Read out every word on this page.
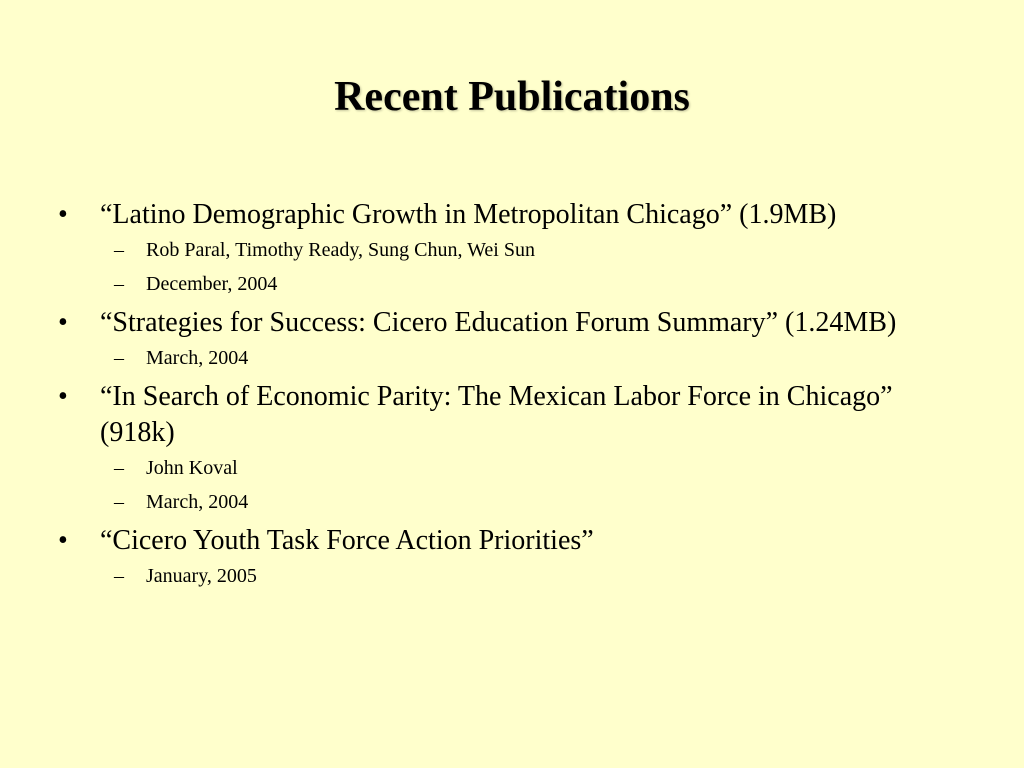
Recent Publications
• “Latino Demographic Growth in Metropolitan Chicago” (1.9MB)
– Rob Paral, Timothy Ready, Sung Chun, Wei Sun
– December, 2004
• “Strategies for Success: Cicero Education Forum Summary” (1.24MB)
– March, 2004
• “In Search of Economic Parity: The Mexican Labor Force in Chicago” (918k)
– John Koval
– March, 2004
• “Cicero Youth Task Force Action Priorities”
– January, 2005
